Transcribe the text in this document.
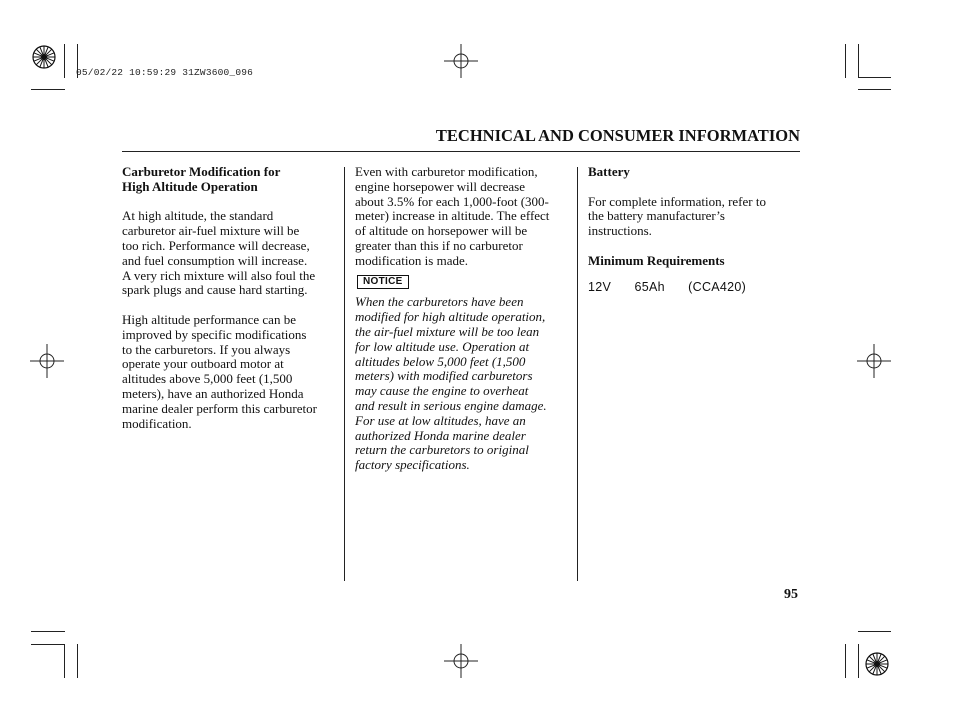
05/02/22 10:59:29 31ZW3600_096
TECHNICAL AND CONSUMER INFORMATION
Carburetor Modification for
High Altitude Operation

At high altitude, the standard
carburetor air-fuel mixture will be
too rich. Performance will decrease,
and fuel consumption will increase.
A very rich mixture will also foul the
spark plugs and cause hard starting.

High altitude performance can be
improved by specific modifications
to the carburetors. If you always
operate your outboard motor at
altitudes above 5,000 feet (1,500
meters), have an authorized Honda
marine dealer perform this carburetor
modification.

Even with carburetor modification,
engine horsepower will decrease
about 3.5% for each 1,000-foot (300-
meter) increase in altitude. The effect
of altitude on horsepower will be
greater than this if no carburetor
modification is made.

NOTICE

When the carburetors have been
modified for high altitude operation,
the air-fuel mixture will be too lean
for low altitude use. Operation at
altitudes below 5,000 feet (1,500
meters) with modified carburetors
may cause the engine to overheat
and result in serious engine damage.
For use at low altitudes, have an
authorized Honda marine dealer
return the carburetors to original
factory specifications.

Battery

For complete information, refer to
the battery manufacturer’s
instructions.

Minimum Requirements
12V   65Ah   (CCA420)
95
